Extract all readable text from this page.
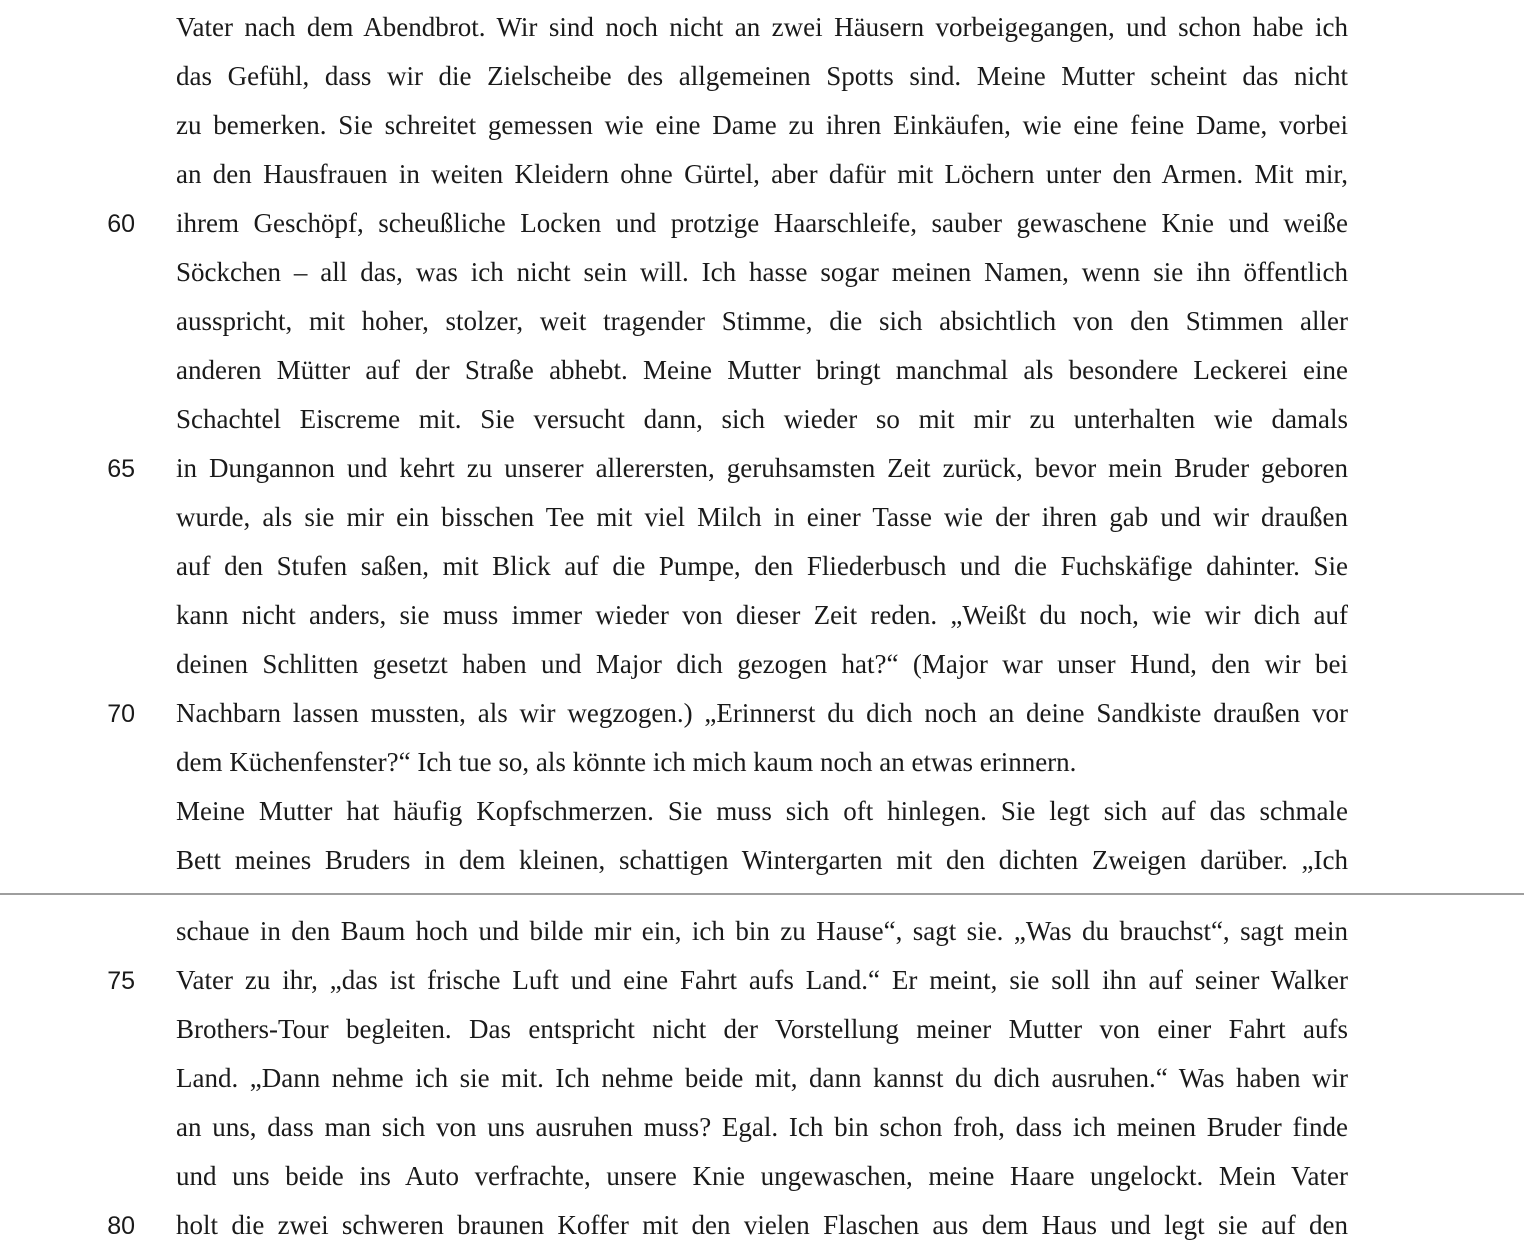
Vater nach dem Abendbrot. Wir sind noch nicht an zwei Häusern vorbeigegangen, und schon habe ich
das Gefühl, dass wir die Zielscheibe des allgemeinen Spotts sind. Meine Mutter scheint das nicht
zu bemerken. Sie schreitet gemessen wie eine Dame zu ihren Einkäufen, wie eine feine Dame, vorbei
an den Hausfrauen in weiten Kleidern ohne Gürtel, aber dafür mit Löchern unter den Armen. Mit mir,
60 ihrem Geschöpf, scheußliche Locken und protzige Haarschleife, sauber gewaschene Knie und weiße
Söckchen – all das, was ich nicht sein will. Ich hasse sogar meinen Namen, wenn sie ihn öffentlich
ausspricht, mit hoher, stolzer, weit tragender Stimme, die sich absichtlich von den Stimmen aller
anderen Mütter auf der Straße abhebt. Meine Mutter bringt manchmal als besondere Leckerei eine
Schachtel Eiscreme mit. Sie versucht dann, sich wieder so mit mir zu unterhalten wie damals
65 in Dungannon und kehrt zu unserer allerersten, geruhsamsten Zeit zurück, bevor mein Bruder geboren
wurde, als sie mir ein bisschen Tee mit viel Milch in einer Tasse wie der ihren gab und wir draußen
auf den Stufen saßen, mit Blick auf die Pumpe, den Fliederbusch und die Fuchskäfige dahinter. Sie
kann nicht anders, sie muss immer wieder von dieser Zeit reden. „Weißt du noch, wie wir dich auf
deinen Schlitten gesetzt haben und Major dich gezogen hat?“ (Major war unser Hund, den wir bei
70 Nachbarn lassen mussten, als wir wegzogen.) „Erinnerst du dich noch an deine Sandkiste draußen vor
dem Küchenfenster?“ Ich tue so, als könnte ich mich kaum noch an etwas erinnern.
Meine Mutter hat häufig Kopfschmerzen. Sie muss sich oft hinlegen. Sie legt sich auf das schmale
Bett meines Bruders in dem kleinen, schattigen Wintergarten mit den dichten Zweigen darüber. „Ich
schaue in den Baum hoch und bilde mir ein, ich bin zu Hause“, sagt sie. „Was du brauchst“, sagt mein
75 Vater zu ihr, „das ist frische Luft und eine Fahrt aufs Land.“ Er meint, sie soll ihn auf seiner Walker
Brothers-Tour begleiten. Das entspricht nicht der Vorstellung meiner Mutter von einer Fahrt aufs
Land. „Dann nehme ich sie mit. Ich nehme beide mit, dann kannst du dich ausruhen.“ Was haben wir
an uns, dass man sich von uns ausruhen muss? Egal. Ich bin schon froh, dass ich meinen Bruder finde
und uns beide ins Auto verfrachte, unsere Knie ungewaschen, meine Haare ungelockt. Mein Vater
80 holt die zwei schweren braunen Koffer mit den vielen Flaschen aus dem Haus und legt sie auf den
